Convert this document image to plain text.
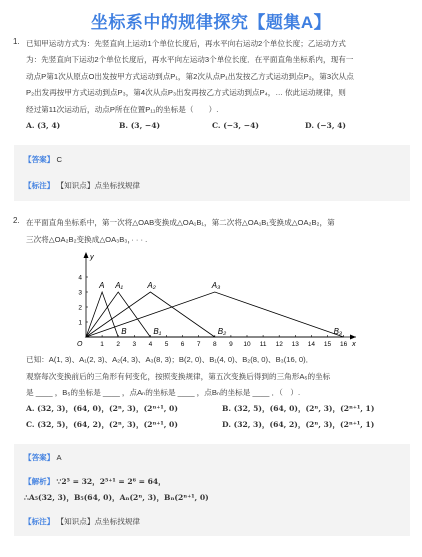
坐标系中的规律探究【题集A】
1. 已知甲运动方式为：先竖直向上运动1个单位长度后，再水平向右运动2个单位长度；乙运动方式

为：先竖直向下运动2个单位长度后，再水平向左运动3个单位长度．在平面直角坐标系内，现有一

动点P第1次从原点O出发按甲方式运动到点P₁，第2次从点P₁出发按乙方式运动到点P₂，第3次从点

P₂出发再按甲方式运动到点P₃，第4次从点P₃出发再按乙方式运动到点P₄，… 依此运动规律，则

经过第11次运动后，动点P所在位置P₁₁的坐标是（　　）.

A. (3, 4)	B. (3, −4)	C. (−3, −4)	D. (−3, 4)
【答案】 C
【标注】 【知识点】点坐标找规律
2. 在平面直角坐标系中，第一次将△OAB变换成△OA₁B₁，第二次将△OA₁B₁变换成△OA₂B₂，第

三次将△OA₂B₂变换成△OA₃B₃，· · · .

1 2 3 4 5 6 7 8 9 10 11 12 13 14 15 16
1
2
3
4
O
y
x
A
B
A₁
B₁
A₂
B₂
A₃
B₃

已知：A(1, 3)、A₁(2, 3)、A₂(4, 3)、A₃(8, 3)；B(2, 0)、B₁(4, 0)、B₂(8, 0)、B₃(16, 0)．

观察每次变换前后的三角形有何变化，按照变换规律，第五次变换后得到的三角形A₅的坐标

是 ____ ，B₅的坐标是 ____ ，点Aₙ的坐标是 ____ ，点Bₙ的坐标是 ____ ．（　）.

A. (32, 3)，(64, 0)，(2ⁿ, 3)，(2ⁿ⁺¹, 0)	B. (32, 5)，(64, 0)，(2ⁿ, 3)，(2ⁿ⁺¹, 1)
C. (32, 5)，(64, 2)，(2ⁿ, 3)，(2ⁿ⁺¹, 0)	D. (32, 3)，(64, 2)，(2ⁿ, 3)，(2ⁿ⁺¹, 1)
【答案】 A
【解析】 ∵2⁵ = 32，2⁵⁺¹ = 2⁶ = 64，
∴A₅(32, 3)，B₅(64, 0)，Aₙ(2ⁿ, 3)，Bₙ(2ⁿ⁺¹, 0)
【标注】 【知识点】点坐标找规律
